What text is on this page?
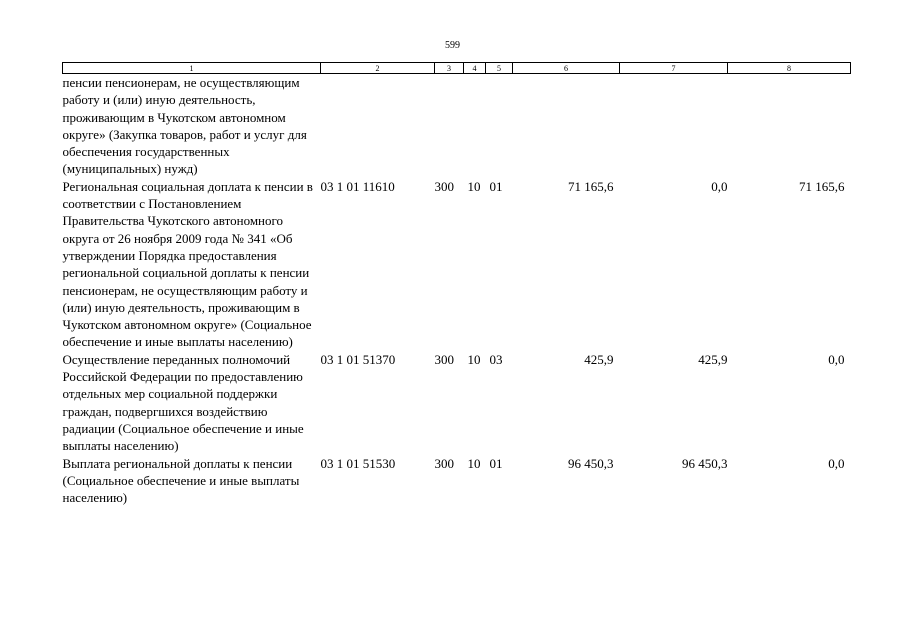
599
1	2	3	4	5	6	7	8
пенсии пенсионерам, не осуществляющим работу и (или) иную деятельность, проживающим в Чукотском автономном округе» (Закупка товаров, работ и услуг для обеспечения государственных (муниципальных) нужд)							
Региональная социальная доплата к пенсии в соответствии с Постановлением Правительства Чукотского автономного округа от 26 ноября 2009 года № 341 «Об утверждении Порядка предоставления региональной социальной доплаты к пенсии пенсионерам, не осуществляющим работу и (или) иную деятельность, проживающим в Чукотском автономном округе» (Социальное обеспечение и иные выплаты населению)	03 1 01 11610	300	10	01	71 165,6	0,0	71 165,6
Осуществление переданных полномочий Российской Федерации по предоставлению отдельных мер социальной поддержки граждан, подвергшихся воздействию радиации (Социальное обеспечение и иные выплаты населению)	03 1 01 51370	300	10	03	425,9	425,9	0,0
Выплата региональной доплаты к пенсии (Социальное обеспечение и иные выплаты населению)	03 1 01 51530	300	10	01	96 450,3	96 450,3	0,0
